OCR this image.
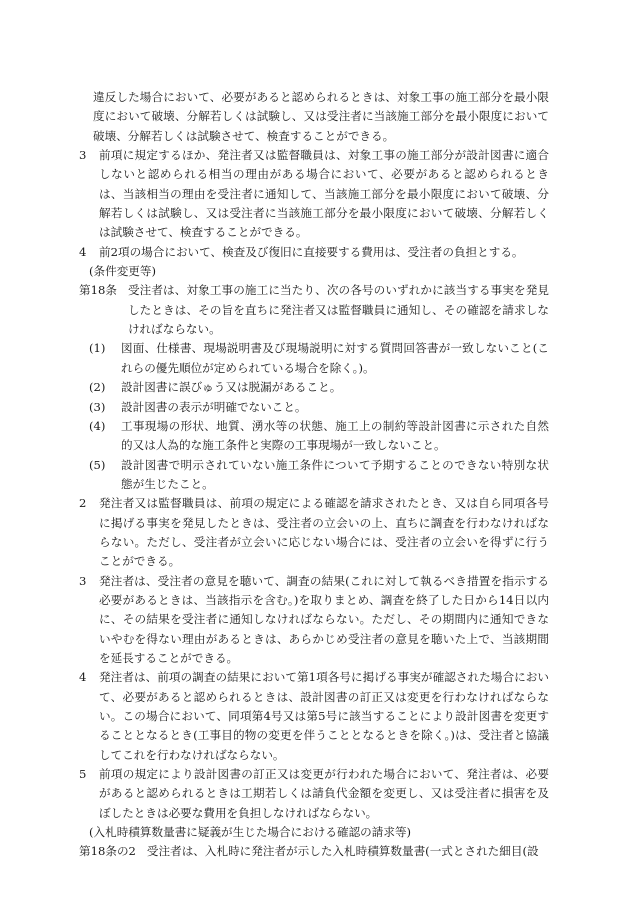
違反した場合において、必要があると認められるときは、対象工事の施工部分を最小限度において破壊、分解若しくは試験し、又は受注者に当該施工部分を最小限度において破壊、分解若しくは試験させて、検査することができる。
3	前項に規定するほか、発注者又は監督職員は、対象工事の施工部分が設計図書に適合しないと認められる相当の理由がある場合において、必要があると認められるときは、当該相当の理由を受注者に通知して、当該施工部分を最小限度において破壊、分解若しくは試験し、又は受注者に当該施工部分を最小限度において破壊、分解若しくは試験させて、検査することができる。
4	前2項の場合において、検査及び復旧に直接要する費用は、受注者の負担とする。
(条件変更等)
第18条 受注者は、対象工事の施工に当たり、次の各号のいずれかに該当する事実を発見したときは、その旨を直ちに発注者又は監督職員に通知し、その確認を請求しなければならない。
(1)	図面、仕様書、現場説明書及び現場説明に対する質問回答書が一致しないこと(これらの優先順位が定められている場合を除く。)。
(2)	設計図書に誤びゅう又は脱漏があること。
(3)	設計図書の表示が明確でないこと。
(4)	工事現場の形状、地質、湧水等の状態、施工上の制約等設計図書に示された自然的又は人為的な施工条件と実際の工事現場が一致しないこと。
(5)	設計図書で明示されていない施工条件について予期することのできない特別な状態が生じたこと。
2	発注者又は監督職員は、前項の規定による確認を請求されたとき、又は自ら同項各号に掲げる事実を発見したときは、受注者の立会いの上、直ちに調査を行わなければならない。ただし、受注者が立会いに応じない場合には、受注者の立会いを得ずに行うことができる。
3	発注者は、受注者の意見を聴いて、調査の結果(これに対して執るべき措置を指示する必要があるときは、当該指示を含む。)を取りまとめ、調査を終了した日から14日以内に、その結果を受注者に通知しなければならない。ただし、その期間内に通知できないやむを得ない理由があるときは、あらかじめ受注者の意見を聴いた上で、当該期間を延長することができる。
4	発注者は、前項の調査の結果において第1項各号に掲げる事実が確認された場合において、必要があると認められるときは、設計図書の訂正又は変更を行わなければならない。この場合において、同項第4号又は第5号に該当することにより設計図書を変更することとなるとき(工事目的物の変更を伴うこととなるときを除く。)は、受注者と協議してこれを行わなければならない。
5	前項の規定により設計図書の訂正又は変更が行われた場合において、発注者は、必要があると認められるときは工期若しくは請負代金額を変更し、又は受注者に損害を及ぼしたときは必要な費用を負担しなければならない。
(入札時積算数量書に疑義が生じた場合における確認の請求等)
第18条の2 受注者は、入札時に発注者が示した入札時積算数量書(一式とされた細目(設
